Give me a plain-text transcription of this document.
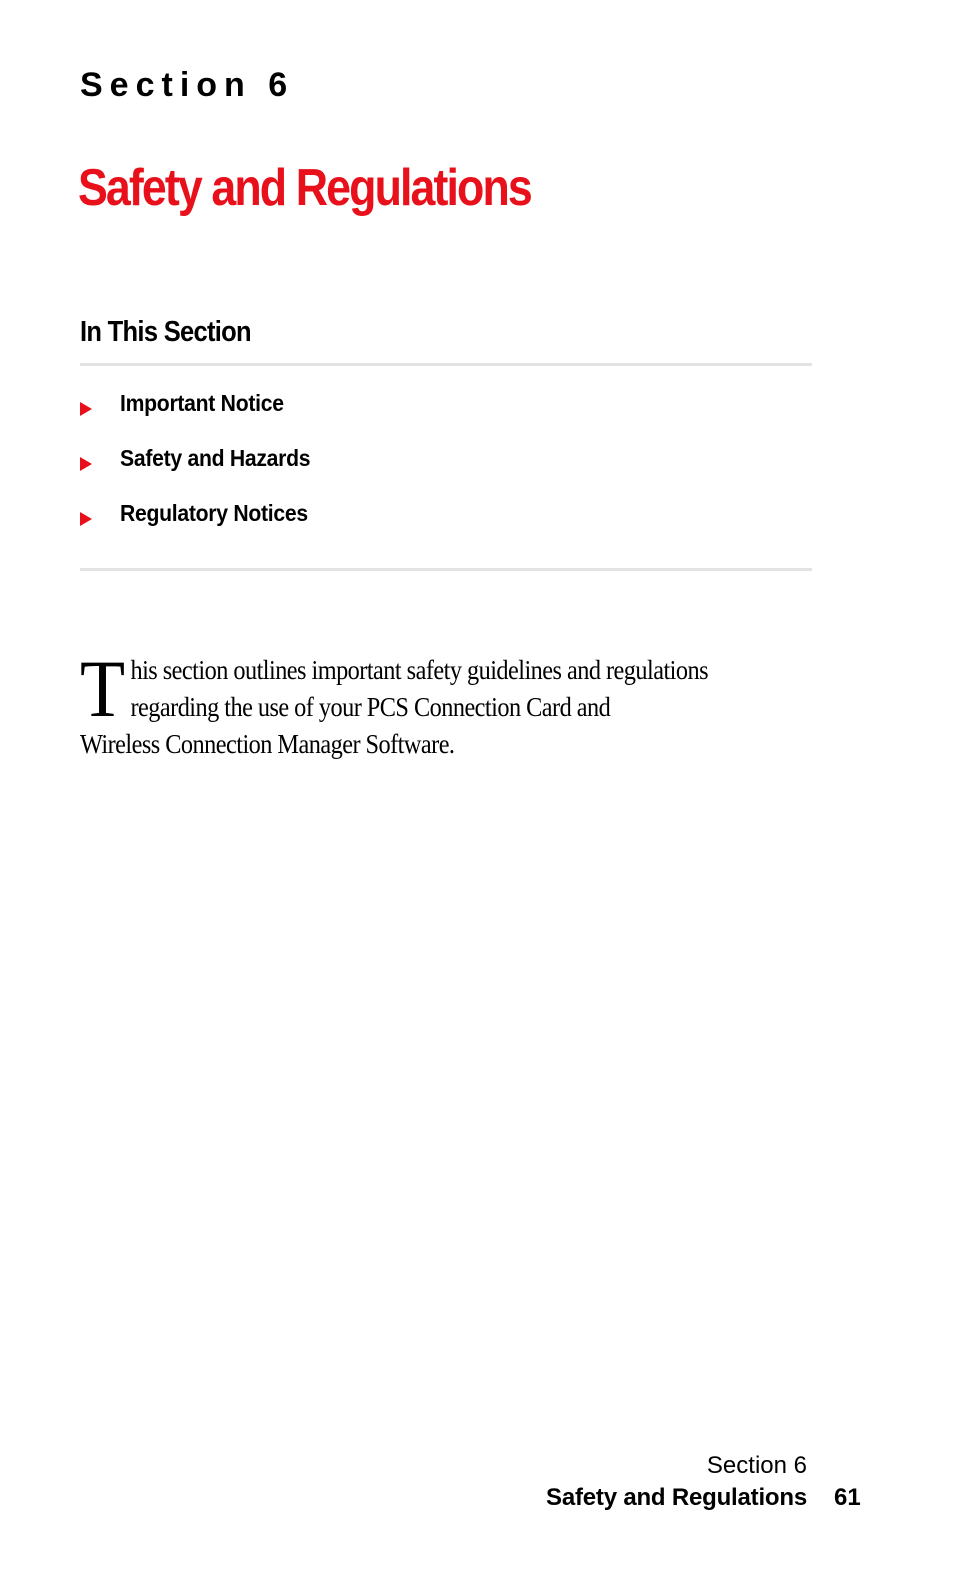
Section 6

Safety and Regulations
In This Section
Important Notice
Safety and Hazards
Regulatory Notices
T his section outlines important safety guidelines and regulations
regarding the use of your PCS Connection Card and
Wireless Connection Manager Software.

Section 6

Safety and Regulations 61
